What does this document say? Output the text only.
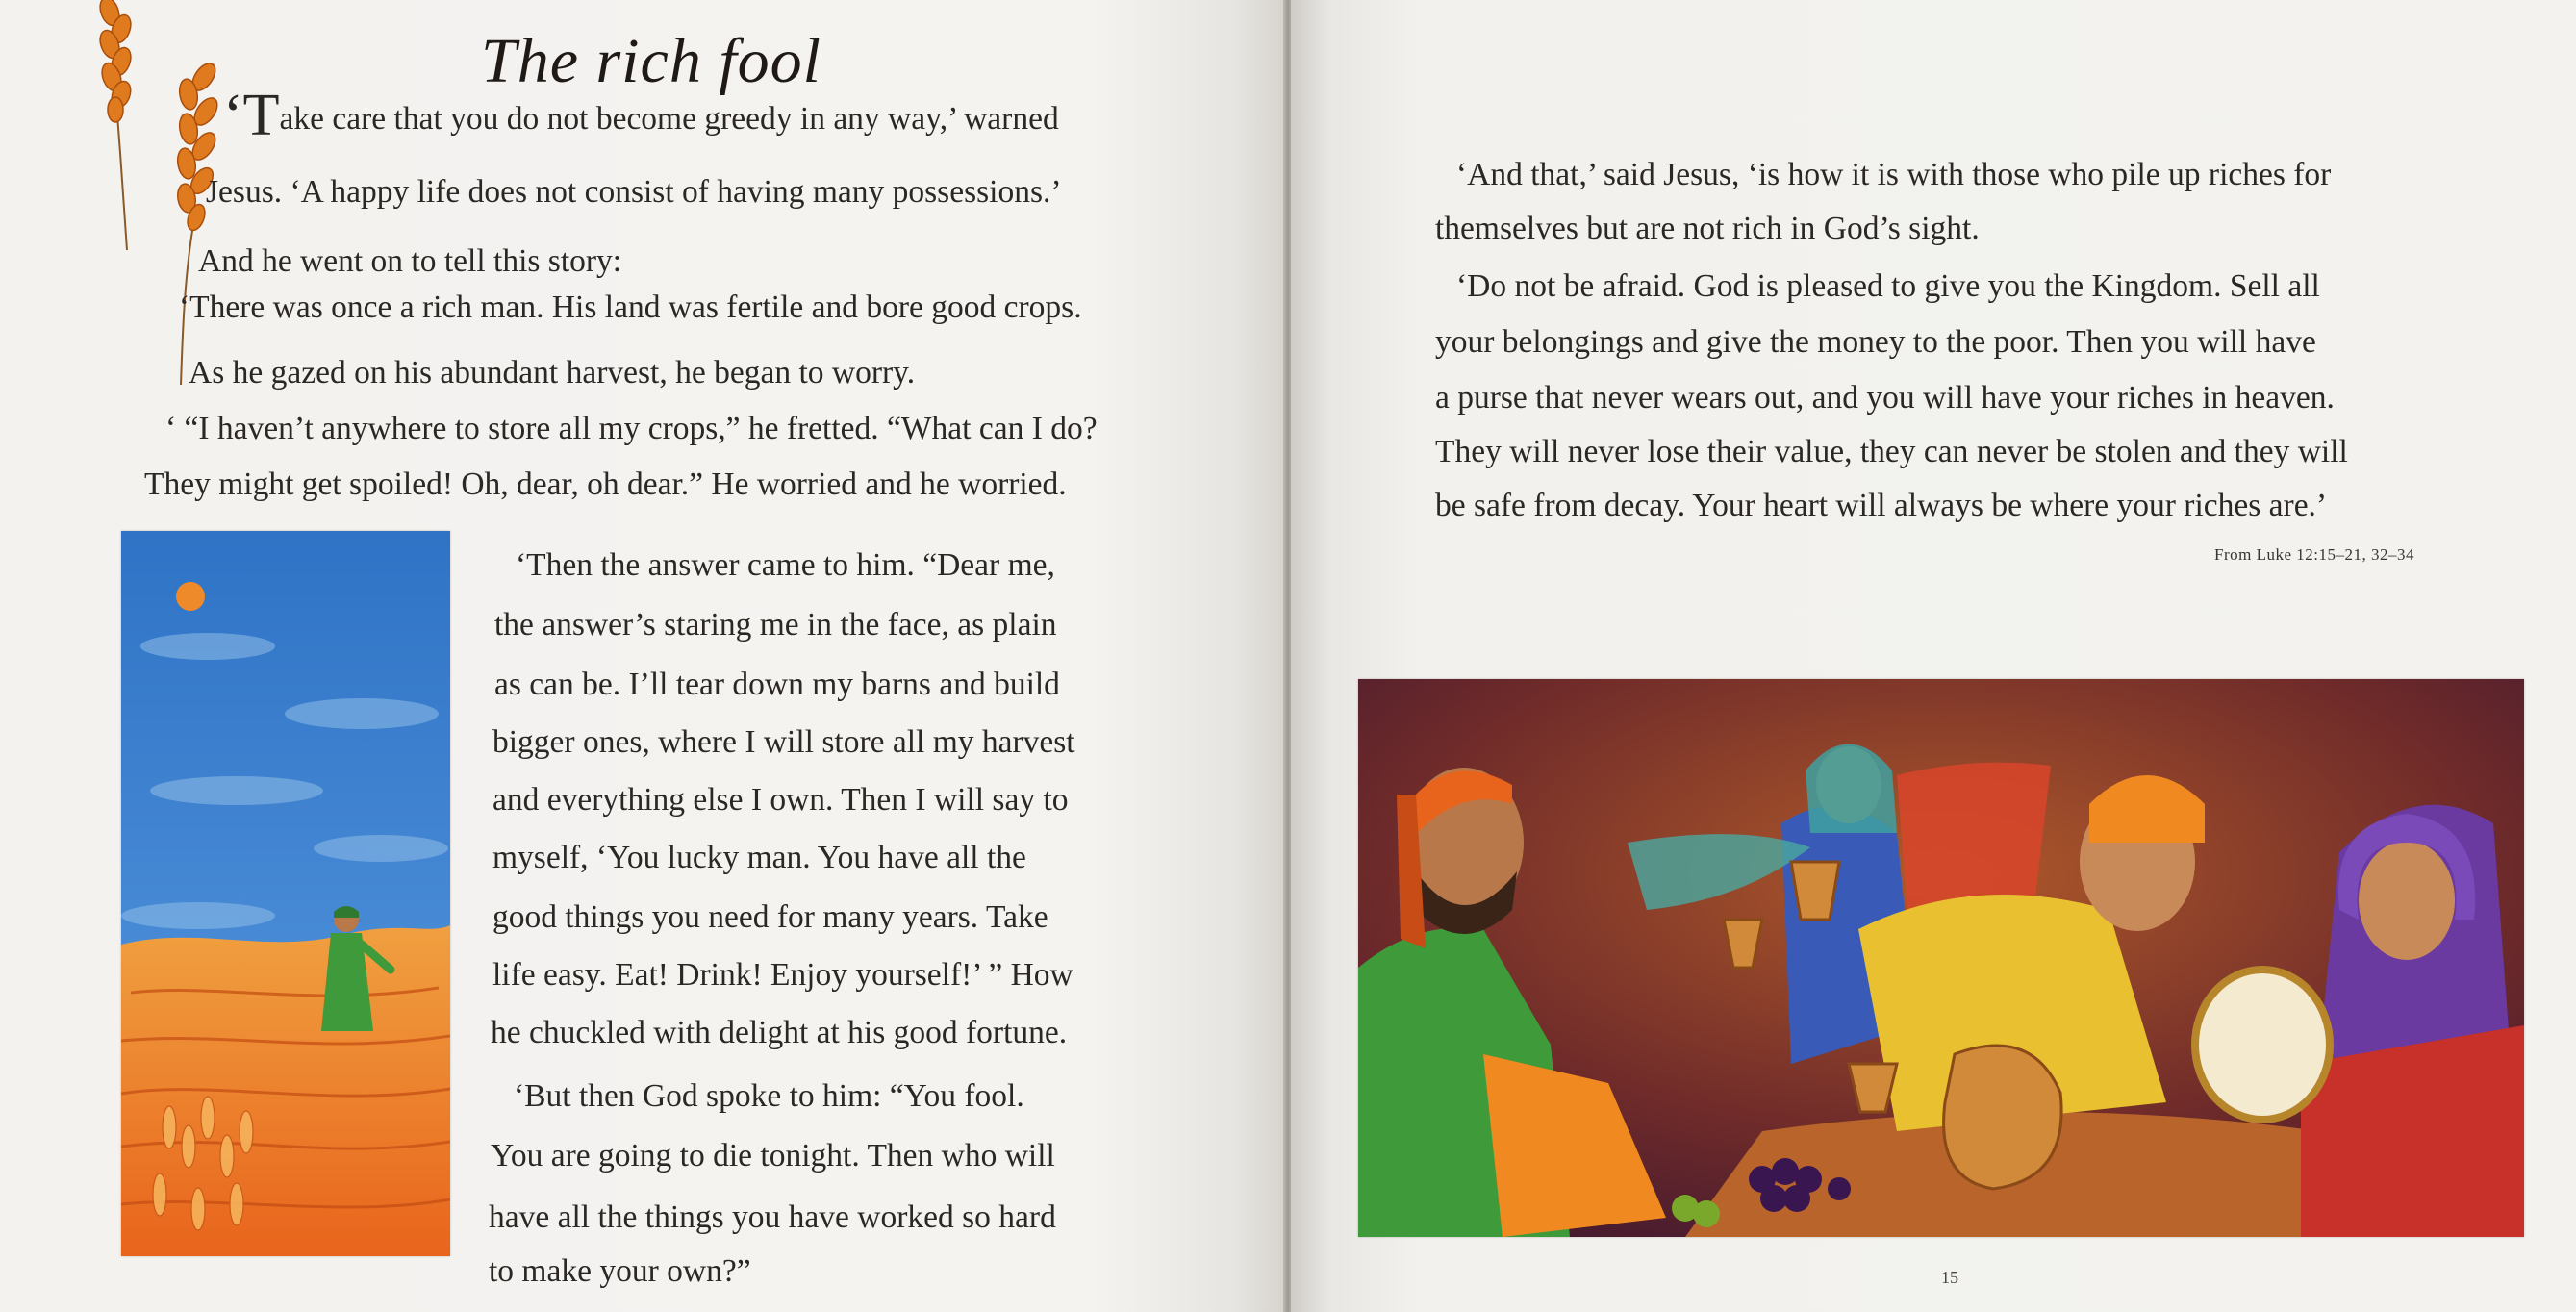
The rich fool

‘Take care that you do not become greedy in any way,’ warned

Jesus. ‘A happy life does not consist of having many possessions.’

And he went on to tell this story:

‘There was once a rich man. His land was fertile and bore good crops.

As he gazed on his abundant harvest, he began to worry.

‘ “I haven’t anywhere to store all my crops,” he fretted. “What can I do?

They might get spoiled! Oh, dear, oh dear.” He worried and he worried.

‘Then the answer came to him. “Dear me,

the answer’s staring me in the face, as plain

as can be. I’ll tear down my barns and build

bigger ones, where I will store all my harvest

and everything else I own. Then I will say to

myself, ‘You lucky man. You have all the

good things you need for many years. Take

life easy. Eat! Drink! Enjoy yourself!’ ” How

he chuckled with delight at his good fortune.

‘But then God spoke to him: “You fool.

You are going to die tonight. Then who will

have all the things you have worked so hard

to make your own?”

‘And that,’ said Jesus, ‘is how it is with those who pile up riches for

themselves but are not rich in God’s sight.

‘Do not be afraid. God is pleased to give you the Kingdom. Sell all

your belongings and give the money to the poor. Then you will have

a purse that never wears out, and you will have your riches in heaven.

They will never lose their value, they can never be stolen and they will

be safe from decay. Your heart will always be where your riches are.’

From Luke 12:15–21, 32–34

15
